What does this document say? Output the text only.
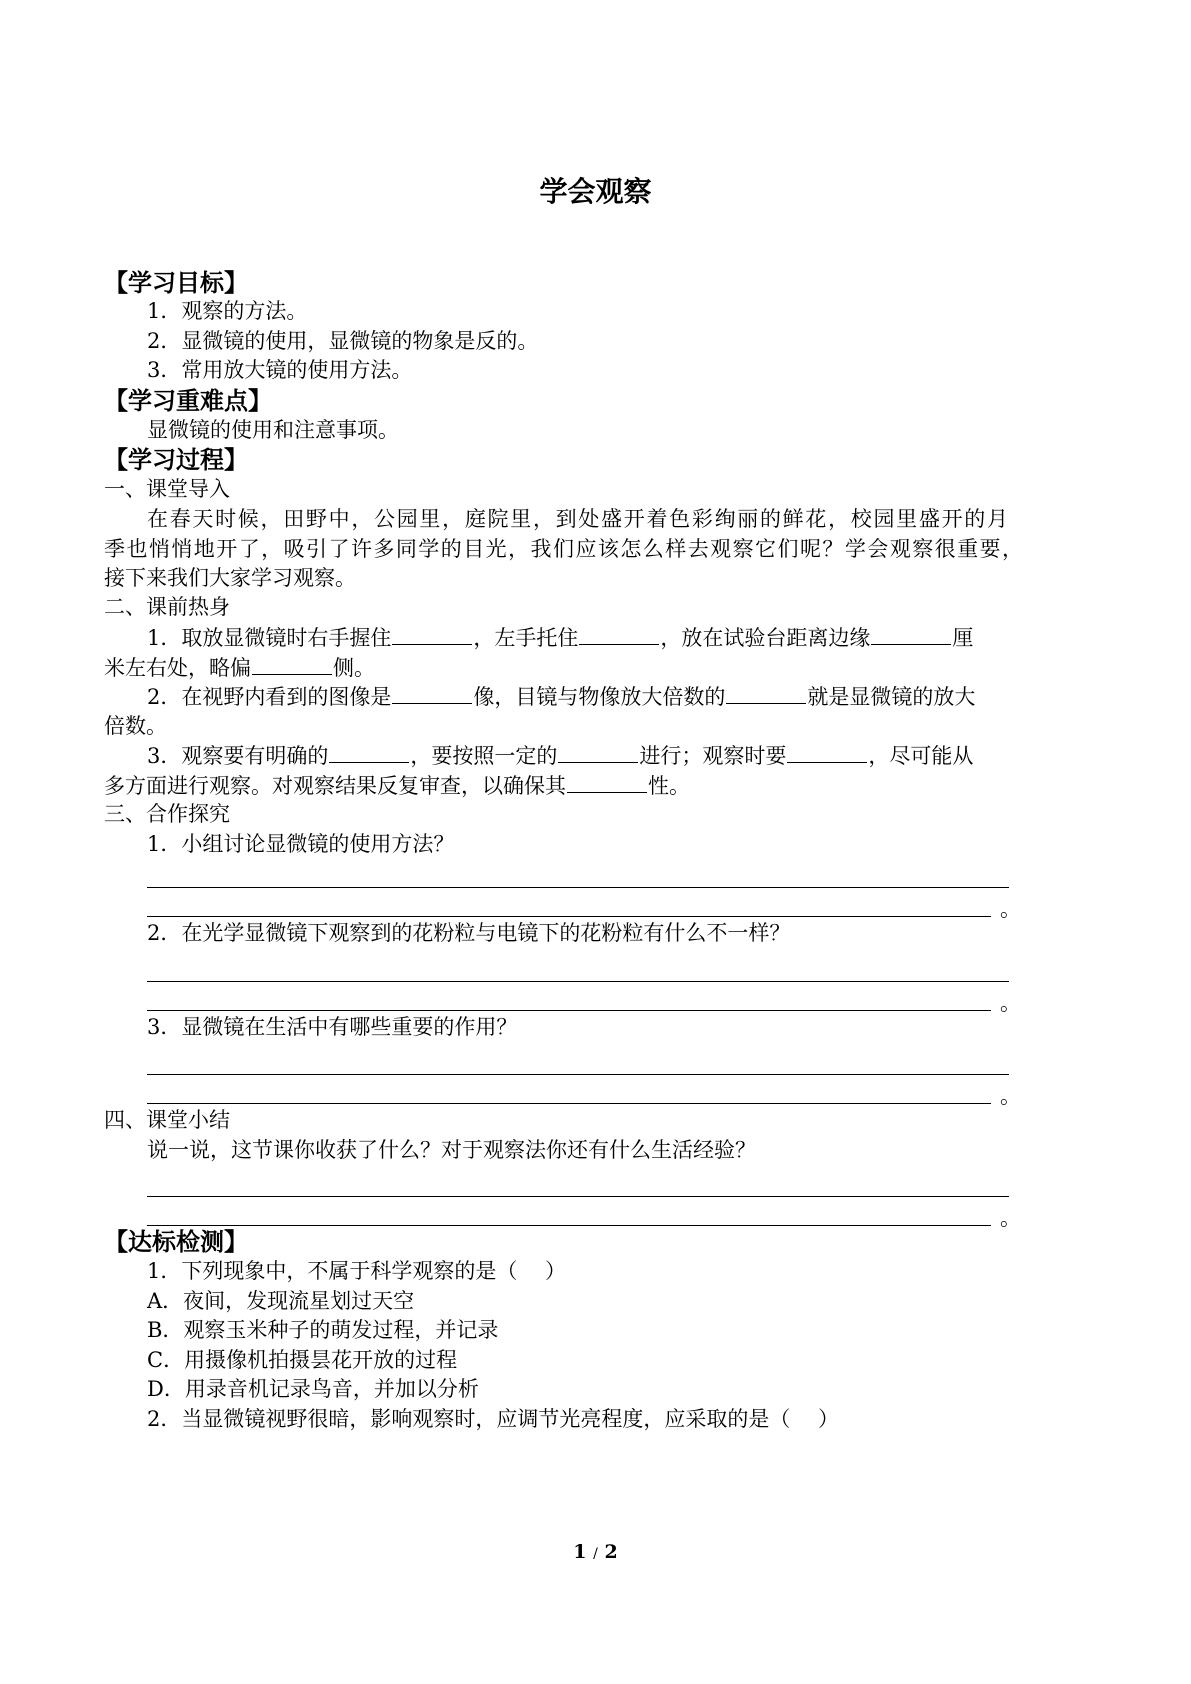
学会观察
【学习目标】
1．观察的方法。
2．显微镜的使用，显微镜的物象是反的。
3．常用放大镜的使用方法。
【学习重难点】
显微镜的使用和注意事项。
【学习过程】
一、课堂导入
在春天时候，田野中，公园里，庭院里，到处盛开着色彩绚丽的鲜花，校园里盛开的月
季也悄悄地开了，吸引了许多同学的目光，我们应该怎么样去观察它们呢？学会观察很重要，
接下来我们大家学习观察。
二、课前热身
1．取放显微镜时右手握住	，左手托住	，放在试验台距离边缘	厘
米左右处，略偏	侧。
2．在视野内看到的图像是	像，目镜与物像放大倍数的	就是显微镜的放大
倍数。
3．观察要有明确的	，要按照一定的	进行；观察时要	，尽可能从
多方面进行观察。对观察结果反复审查，以确保其	性。
三、合作探究
1．小组讨论显微镜的使用方法？
。
2．在光学显微镜下观察到的花粉粒与电镜下的花粉粒有什么不一样？
。
3．显微镜在生活中有哪些重要的作用？
。
四、课堂小结
说一说，这节课你收获了什么？对于观察法你还有什么生活经验？
。
【达标检测】
1．下列现象中，不属于科学观察的是（　 ）
A．夜间，发现流星划过天空
B．观察玉米种子的萌发过程，并记录
C．用摄像机拍摄昙花开放的过程
D．用录音机记录鸟音，并加以分析
2．当显微镜视野很暗，影响观察时，应调节光亮程度，应采取的是（　 ）
1 / 2
